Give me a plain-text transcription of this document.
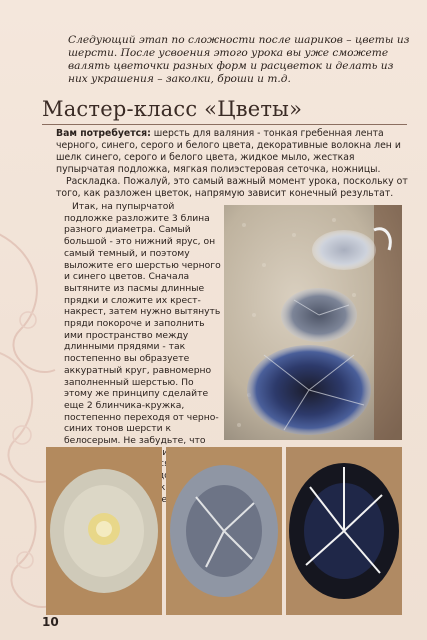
Следующий этап по сложности после шариков – цветы из шерсти. После усвоения этого урока вы уже сможете валять цветочки разных форм и расцветок и делать из них украшения – заколки, броши и т.д.
Мастер-класс «Цветы»
Вам потребуется: шерсть для валяния - тонкая гребенная лента черного, синего, серого и белого цвета, декоративные волокна лен и шелк синего, серого и белого цвета, жидкое мыло, жесткая пупырчатая подложка, мягкая полиэстеровая сеточка, ножницы.
Раскладка. Пожалуй, это самый важный момент урока, поскольку от того, как разложен цветок, напрямую зависит конечный результат.
Итак, на пупырчатой подложке разложите 3 блина разного диаметра. Самый большой - это нижний ярус, он самый темный, и поэтому выложите его шерстью черного и синего цветов. Сначала вытяните из пасмы длинные прядки и сложите их крест-накрест, затем нужно вытянуть пряди покороче и заполнить ими пространство между длинными прядями - так постепенно вы образуете аккуратный круг, равномерно заполненный шерстью. По этому же принципу сделайте еще 2 блинчика-кружка, постепенно переходя от черно-синих тонов шерсти к белосерым. Не забудьте, что
10
